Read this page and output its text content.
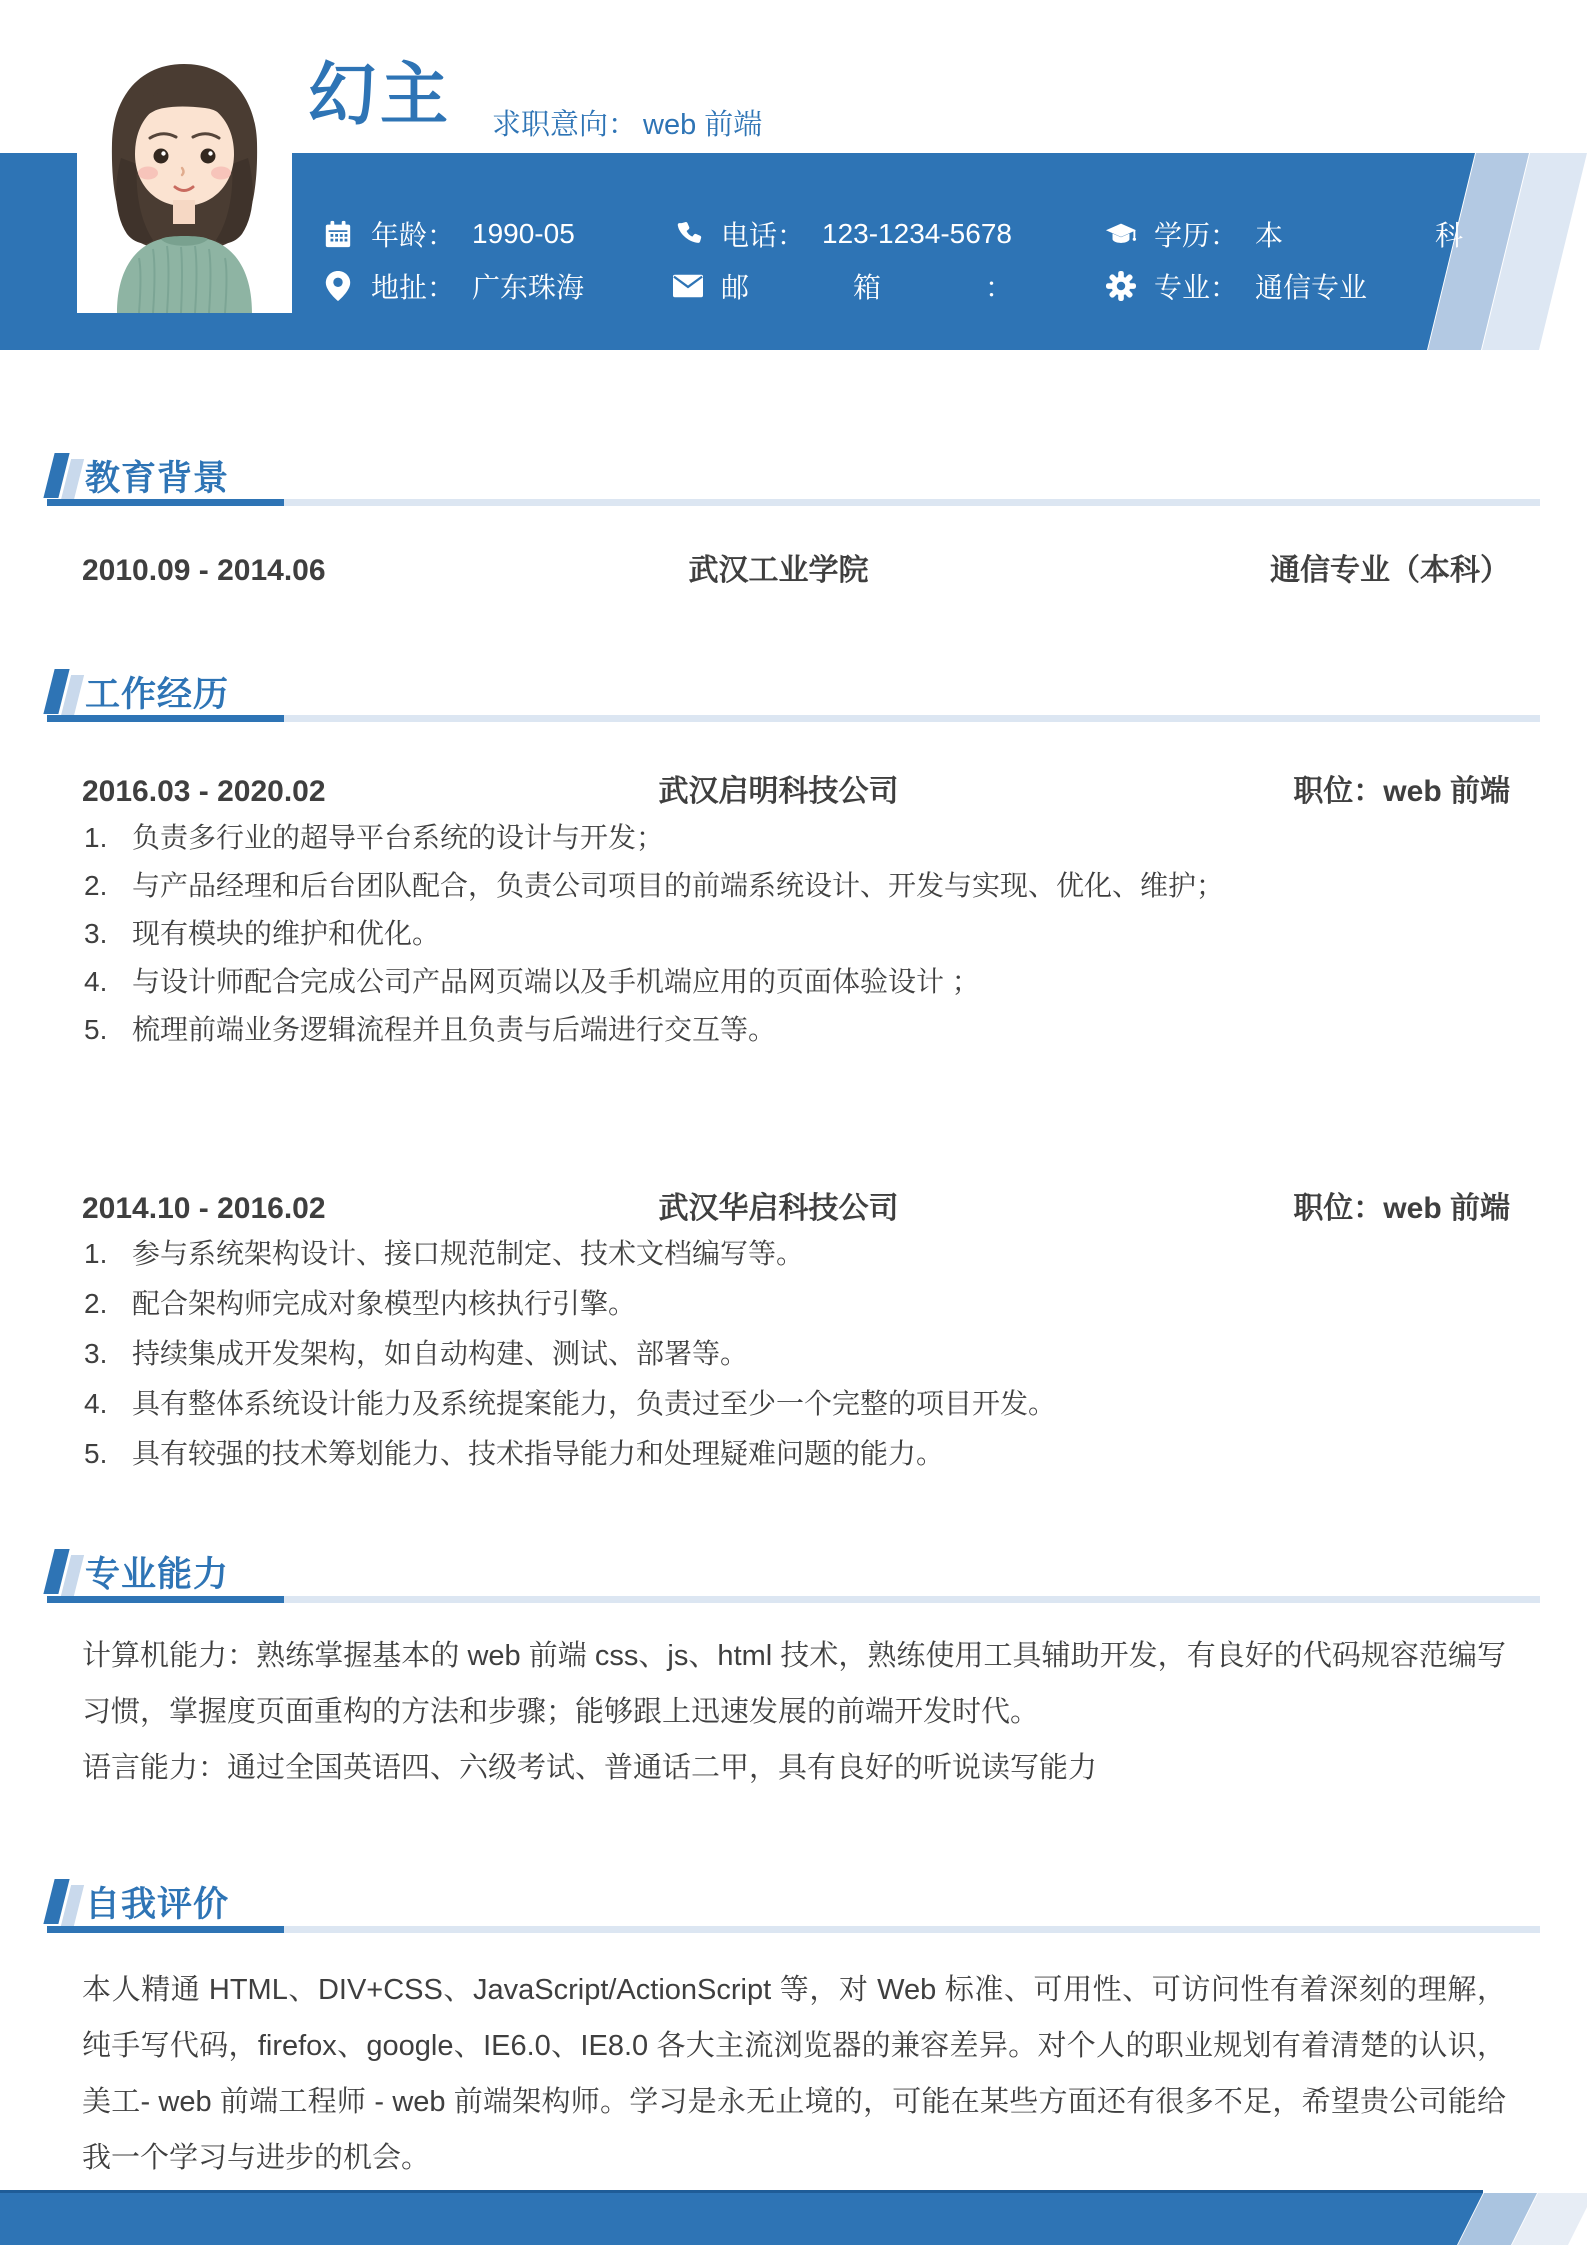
年龄： 1990-05	电话： 123-1234-5678	学历： 本 科
地扯： 广东珠海	邮 箱 ：	专业： 通信专业
幻主 求职意向： web 前端
教育背景
2010.09 - 2014.06	武汉工业学院	通信专业（本科）
工作经历
2016.03 - 2020.02	武汉启明科技公司	职位：web 前端
负责多行业的超导平台系统的设计与开发；
与产品经理和后台团队配合，负责公司项目的前端系统设计、开发与实现、优化、维护；
现有模块的维护和优化。
与设计师配合完成公司产品网页端以及手机端应用的页面体验设计 ；
梳理前端业务逻辑流程并且负责与后端进行交互等。
2014.10 - 2016.02	武汉华启科技公司	职位：web 前端
参与系统架构设计、接口规范制定、技术文档编写等。
配合架构师完成对象模型内核执行引擎。
持续集成开发架构，如自动构建、测试、部署等。
具有整体系统设计能力及系统提案能力，负责过至少一个完整的项目开发。
具有较强的技术筹划能力、技术指导能力和处理疑难问题的能力。
专业能力
计算机能力：熟练掌握基本的 web 前端 css、js、html 技术，熟练使用工具辅助开发，有良好的代码规容范编写习惯，掌握度页面重构的方法和步骤；能够跟上迅速发展的前端开发时代。
语言能力：通过全国英语四、六级考试、普通话二甲，具有良好的听说读写能力
自我评价
本人精通 HTML、DIV+CSS、JavaScript/ActionScript 等，对 Web 标准、可用性、可访问性有着深刻的理解，纯手写代码，firefox、google、IE6.0、IE8.0 各大主流浏览器的兼容差异。对个人的职业规划有着清楚的认识，美工- web 前端工程师 - web 前端架构师。学习是永无止境的，可能在某些方面还有很多不足，希望贵公司能给我一个学习与进步的机会。
